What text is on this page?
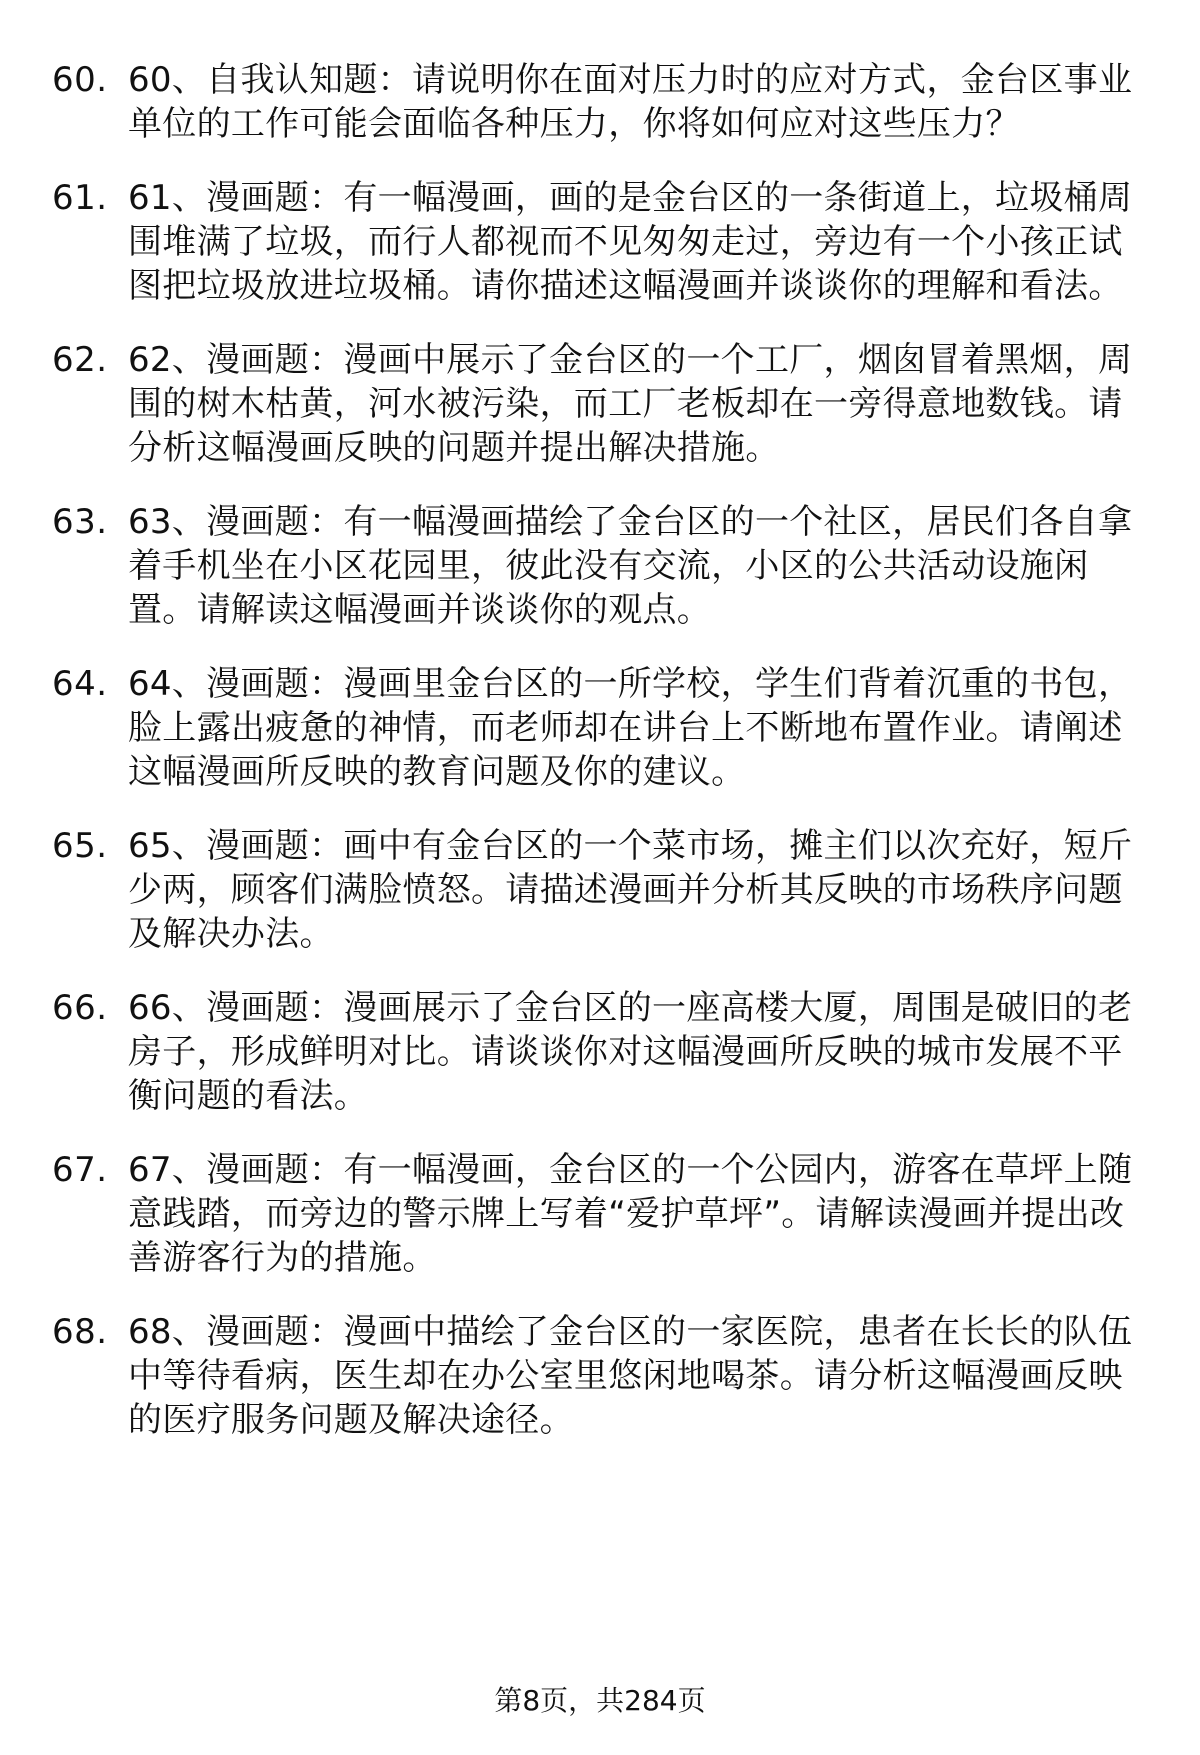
60. 60、自我认知题：请说明你在面对压力时的应对方式，金台区事业单位的工作可能会面临各种压力，你将如何应对这些压力？
61. 61、漫画题：有一幅漫画，画的是金台区的一条街道上，垃圾桶周围堆满了垃圾，而行人都视而不见匆匆走过，旁边有一个小孩正试图把垃圾放进垃圾桶。请你描述这幅漫画并谈谈你的理解和看法。
62. 62、漫画题：漫画中展示了金台区的一个工厂，烟囱冒着黑烟，周围的树木枯黄，河水被污染，而工厂老板却在一旁得意地数钱。请分析这幅漫画反映的问题并提出解决措施。
63. 63、漫画题：有一幅漫画描绘了金台区的一个社区，居民们各自拿着手机坐在小区花园里，彼此没有交流，小区的公共活动设施闲置。请解读这幅漫画并谈谈你的观点。
64. 64、漫画题：漫画里金台区的一所学校，学生们背着沉重的书包，脸上露出疲惫的神情，而老师却在讲台上不断地布置作业。请阐述这幅漫画所反映的教育问题及你的建议。
65. 65、漫画题：画中有金台区的一个菜市场，摊主们以次充好，短斤少两，顾客们满脸愤怒。请描述漫画并分析其反映的市场秩序问题及解决办法。
66. 66、漫画题：漫画展示了金台区的一座高楼大厦，周围是破旧的老房子，形成鲜明对比。请谈谈你对这幅漫画所反映的城市发展不平衡问题的看法。
67. 67、漫画题：有一幅漫画，金台区的一个公园内，游客在草坪上随意践踏，而旁边的警示牌上写着“爱护草坪”。请解读漫画并提出改善游客行为的措施。
68. 68、漫画题：漫画中描绘了金台区的一家医院，患者在长长的队伍中等待看病，医生却在办公室里悠闲地喝茶。请分析这幅漫画反映的医疗服务问题及解决途径。
第8页，共284页
